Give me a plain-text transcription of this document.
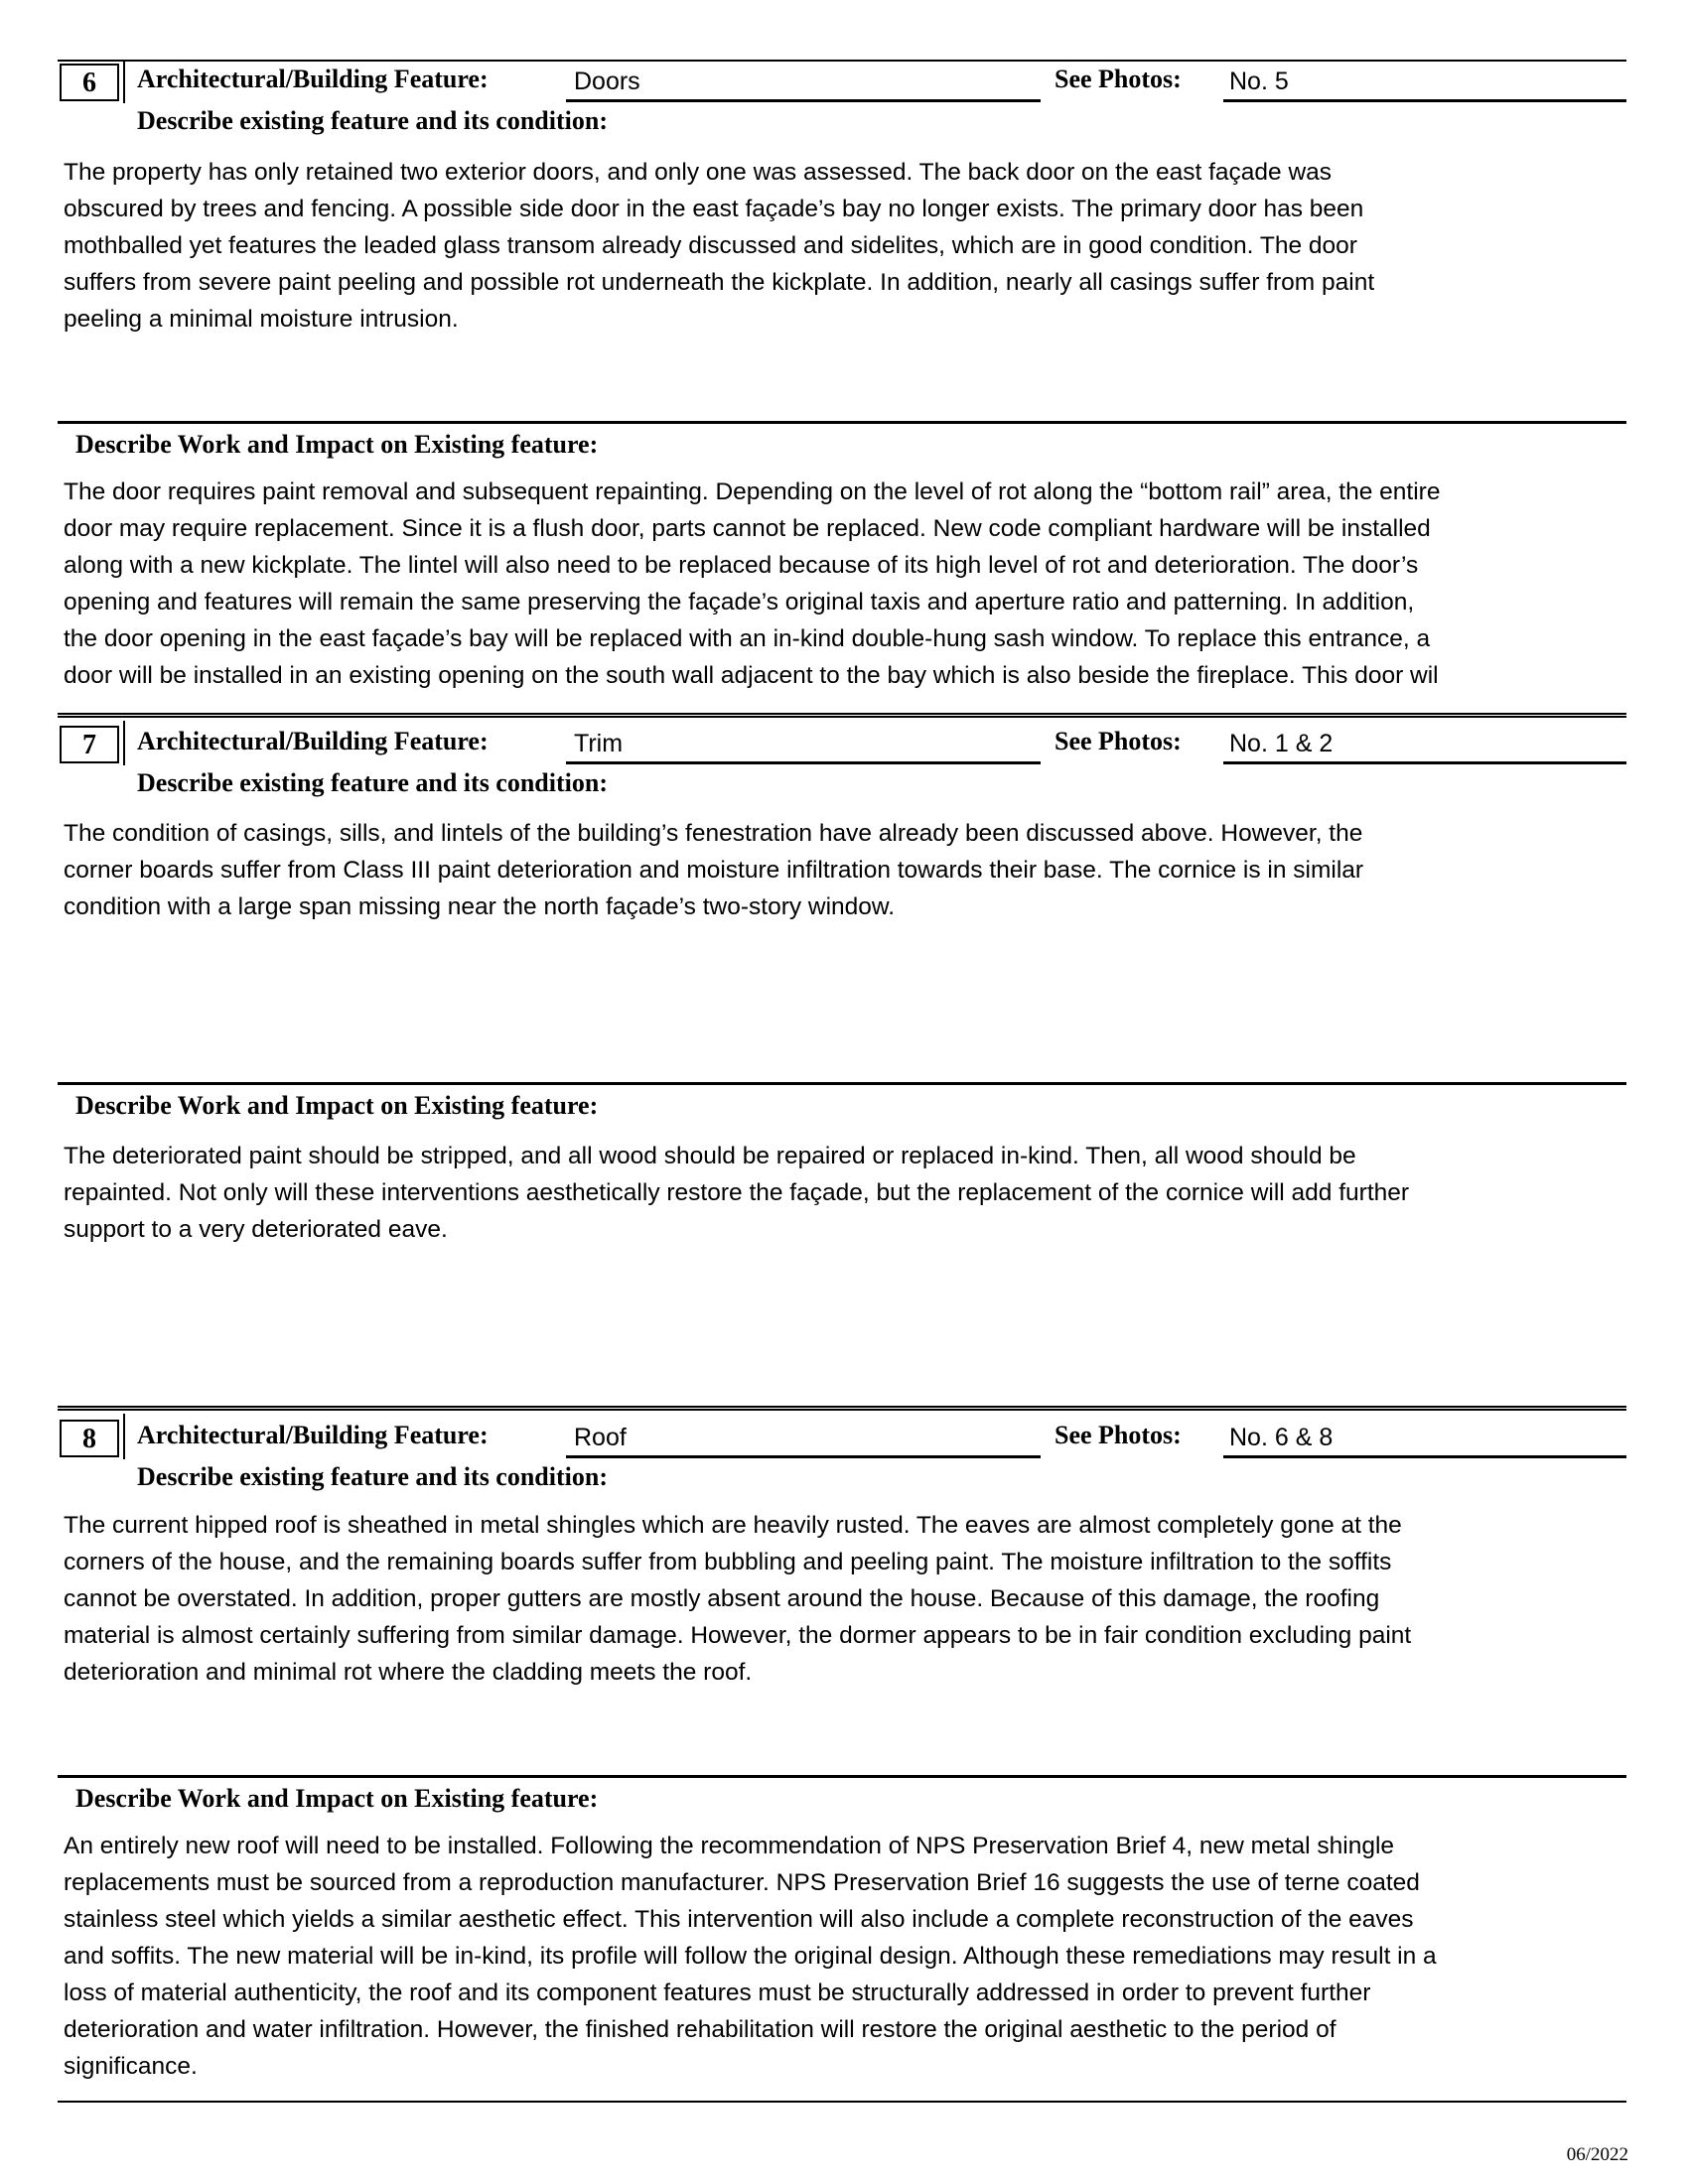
6	Architectural/Building Feature:	Doors	See Photos: No. 5
Describe existing feature and its condition:

The property has only retained two exterior doors, and only one was assessed. The back door on the east façade was
obscured by trees and fencing. A possible side door in the east façade’s bay no longer exists. The primary door has been
mothballed yet features the leaded glass transom already discussed and sidelites, which are in good condition. The door
suffers from severe paint peeling and possible rot underneath the kickplate. In addition, nearly all casings suffer from paint
peeling a minimal moisture intrusion.

Describe Work and Impact on Existing feature:

The door requires paint removal and subsequent repainting. Depending on the level of rot along the “bottom rail” area, the entire
door may require replacement. Since it is a flush door, parts cannot be replaced. New code compliant hardware will be installed
along with a new kickplate. The lintel will also need to be replaced because of its high level of rot and deterioration. The door’s
opening and features will remain the same preserving the façade’s original taxis and aperture ratio and patterning. In addition,
the door opening in the east façade’s bay will be replaced with an in-kind double-hung sash window. To replace this entrance, a
door will be installed in an existing opening on the south wall adjacent to the bay which is also beside the fireplace. This door wil

7	Architectural/Building Feature:	Trim	See Photos: No. 1 & 2
Describe existing feature and its condition:

The condition of casings, sills, and lintels of the building’s fenestration have already been discussed above. However, the
corner boards suffer from Class III paint deterioration and moisture infiltration towards their base. The cornice is in similar
condition with a large span missing near the north façade’s two-story window.

Describe Work and Impact on Existing feature:

The deteriorated paint should be stripped, and all wood should be repaired or replaced in-kind. Then, all wood should be
repainted. Not only will these interventions aesthetically restore the façade, but the replacement of the cornice will add further
support to a very deteriorated eave.

8	Architectural/Building Feature:	Roof	See Photos: No. 6 & 8
Describe existing feature and its condition:

The current hipped roof is sheathed in metal shingles which are heavily rusted. The eaves are almost completely gone at the
corners of the house, and the remaining boards suffer from bubbling and peeling paint. The moisture infiltration to the soffits
cannot be overstated. In addition, proper gutters are mostly absent around the house. Because of this damage, the roofing
material is almost certainly suffering from similar damage. However, the dormer appears to be in fair condition excluding paint
deterioration and minimal rot where the cladding meets the roof.

Describe Work and Impact on Existing feature:

An entirely new roof will need to be installed. Following the recommendation of NPS Preservation Brief 4, new metal shingle
replacements must be sourced from a reproduction manufacturer. NPS Preservation Brief 16 suggests the use of terne coated
stainless steel which yields a similar aesthetic effect. This intervention will also include a complete reconstruction of the eaves
and soffits. The new material will be in-kind, its profile will follow the original design. Although these remediations may result in a
loss of material authenticity, the roof and its component features must be structurally addressed in order to prevent further
deterioration and water infiltration. However, the finished rehabilitation will restore the original aesthetic to the period of
significance.

06/2022
